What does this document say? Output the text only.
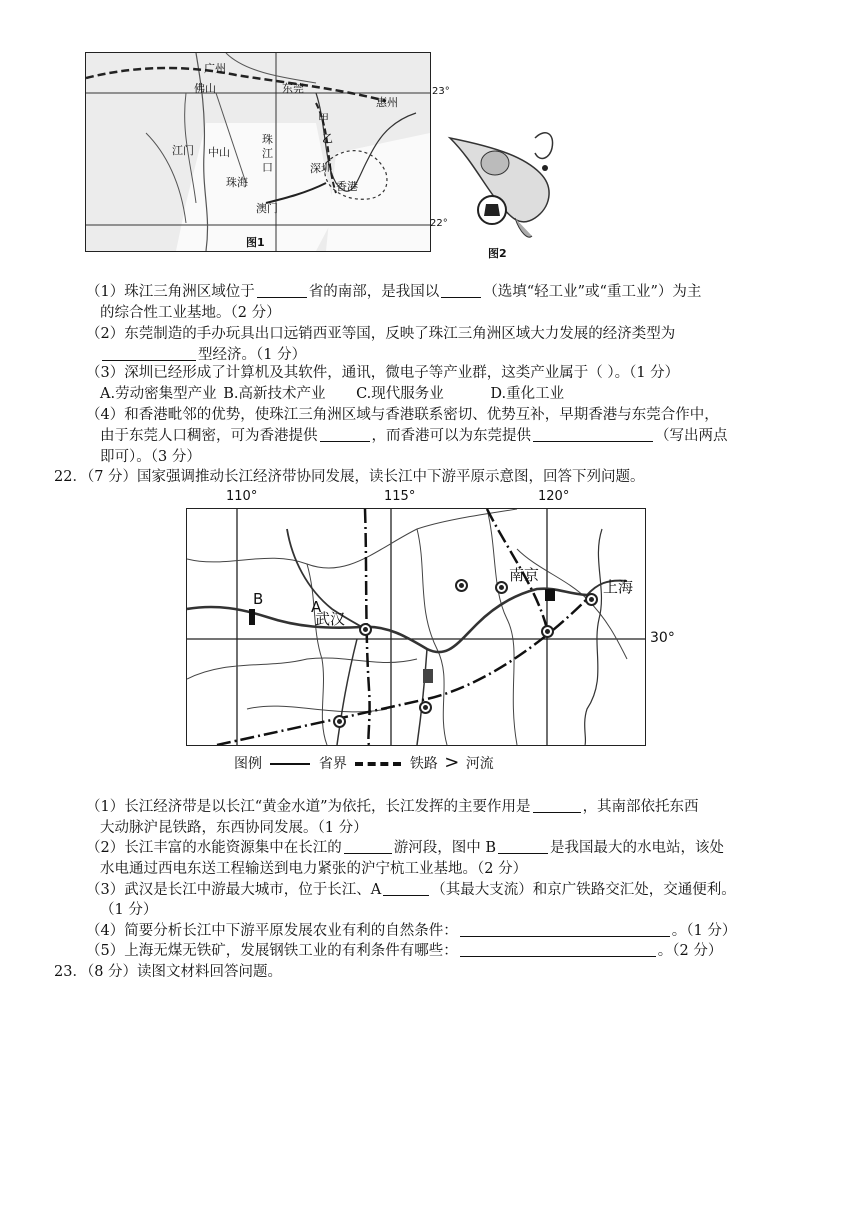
佛山
广州
东莞
惠州
江门 中山
珠江口
珠海
澳门
深圳
香港
甲
乙
图1
23°
22°
图2
（1）珠江三角洲区域位于	省的南部，是我国以	（选填“轻工业”或“重工业”）为主
的综合性工业基地。（2 分）
（2）东莞制造的手办玩具出口远销西亚等国，反映了珠江三角洲区域大力发展的经济类型为
型经济。（1 分）
（3）深圳已经形成了计算机及其软件，通讯，微电子等产业群，这类产业属于（ ）。（1 分）
A.劳动密集型产业 B.高新技术产业 C.现代服务业	D.重化工业
（4）和香港毗邻的优势，使珠江三角洲区域与香港联系密切、优势互补，早期香港与东莞合作中，
由于东莞人口稠密，可为香港提供	，而香港可以为东莞提供	（写出两点
即可）。（3 分）
22．（7 分）国家强调推动长江经济带协同发展，读长江中下游平原示意图，回答下列问题。
110°	115°	120°
B	A
武汉
南京
上海
30°
图例	省界	铁路 > 河流
（1）长江经济带是以长江“黄金水道”为依托，长江发挥的主要作用是	，其南部依托东西
大动脉沪昆铁路，东西协同发展。（1 分）
（2）长江丰富的水能资源集中在长江的	游河段，图中 B	是我国最大的水电站，该处
水电通过西电东送工程输送到电力紧张的沪宁杭工业基地。（2 分）
（3）武汉是长江中游最大城市，位于长江、A	（其最大支流）和京广铁路交汇处，交通便利。
（1 分）
（4）简要分析长江中下游平原发展农业有利的自然条件：	。（1 分）
（5）上海无煤无铁矿，发展钢铁工业的有利条件有哪些：	。（2 分）
23．（8 分）读图文材料回答问题。
